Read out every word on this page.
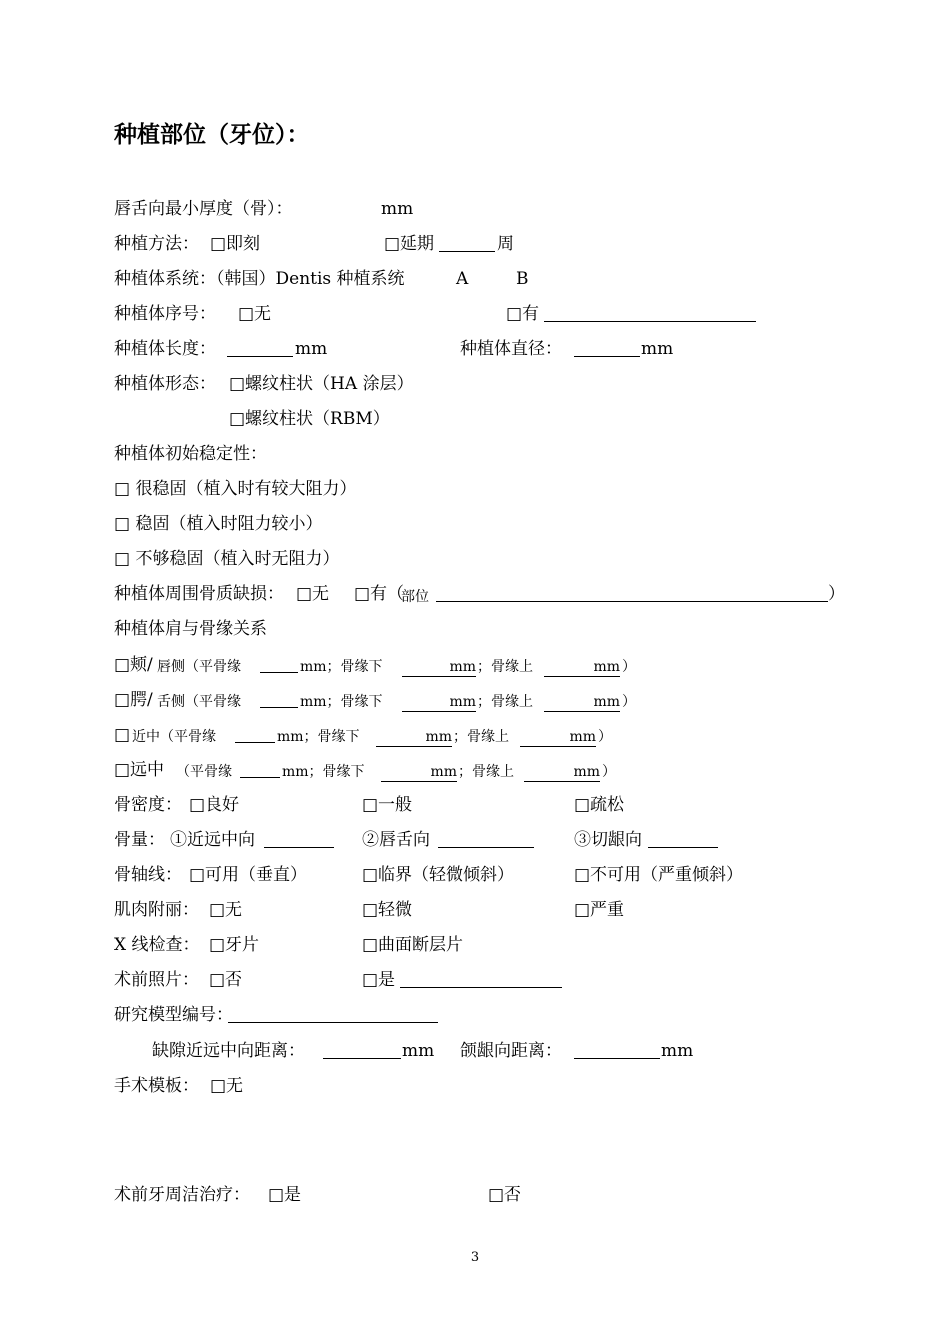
种植部位（牙位）：
唇舌向最小厚度（骨）：	mm
种植方法： □即刻	□延期	周
种植体系统：（韩国）Dentis 种植系统	A	B
种植体序号： □无	□有
种植体长度：	mm	种植体直径：	mm
种植体形态： □螺纹柱状（HA 涂层）
□螺纹柱状（RBM）
种植体初始稳定性：
□ 很稳固（植入时有较大阻力）
□ 稳固（植入时阻力较小）
□ 不够稳固（植入时无阻力）
种植体周围骨质缺损： □无 □有（
部位	）
种植体肩与骨缘关系
□颊/ 唇侧（平骨缘	mm；骨缘下	mm ；骨缘上	mm ）
□腭/ 舌侧（平骨缘	mm；骨缘下	mm ；骨缘上	mm ）
□ 近中（平骨缘	mm；骨缘下	mm ；骨缘上	mm ）
□远中 （平骨缘	mm；骨缘下	mm ；骨缘上	mm ）
骨密度： □良好	□一般	□疏松
骨量： ①近远中向	②唇舌向	③切龈向
骨轴线： □可用（垂直）	□临界（轻微倾斜）	□不可用（严重倾斜）
肌肉附丽： □无	□轻微	□严重
X 线检查： □牙片	□曲面断层片
术前照片： □否	□是
研究模型编号：
缺隙近远中向距离：	mm 颌龈向距离：	mm
手术模板： □无
术前牙周洁治疗： □是	□否
3
